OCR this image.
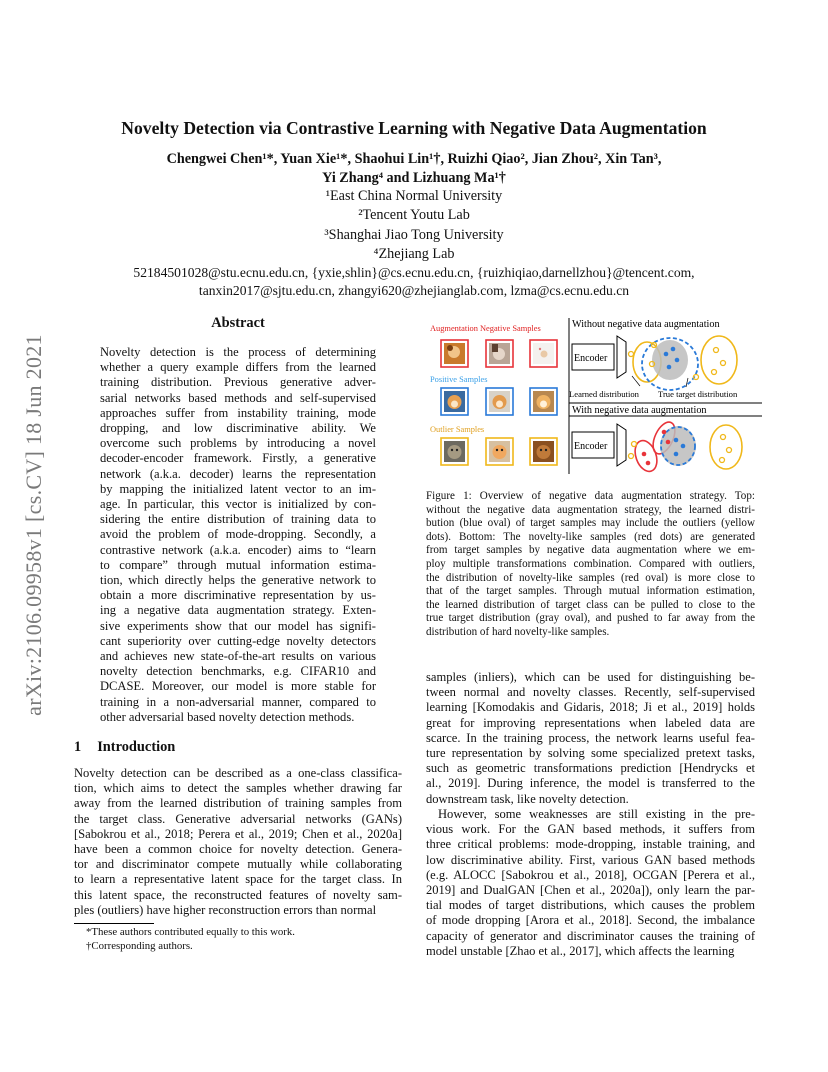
arXiv:2106.09958v1 [cs.CV] 18 Jun 2021
Novelty Detection via Contrastive Learning with Negative Data Augmentation
Chengwei Chen¹*, Yuan Xie¹*, Shaohui Lin¹†, Ruizhi Qiao², Jian Zhou², Xin Tan³,
Yi Zhang⁴ and Lizhuang Ma¹†
¹East China Normal University
²Tencent Youtu Lab
³Shanghai Jiao Tong University
⁴Zhejiang Lab
52184501028@stu.ecnu.edu.cn, {yxie,shlin}@cs.ecnu.edu.cn, {ruizhiqiao,darnellzhou}@tencent.com,
tanxin2017@sjtu.edu.cn, zhangyi620@zhejianglab.com, lzma@cs.ecnu.edu.cn
Abstract
Novelty detection is the process of determining
whether a query example differs from the learned
training distribution. Previous generative adver-
sarial networks based methods and self-supervised
approaches suffer from instability training, mode
dropping, and low discriminative ability. We
overcome such problems by introducing a novel
decoder-encoder framework. Firstly, a generative
network (a.k.a. decoder) learns the representation
by mapping the initialized latent vector to an im-
age. In particular, this vector is initialized by con-
sidering the entire distribution of training data to
avoid the problem of mode-dropping. Secondly, a
contrastive network (a.k.a. encoder) aims to “learn
to compare” through mutual information estima-
tion, which directly helps the generative network to
obtain a more discriminative representation by us-
ing a negative data augmentation strategy. Exten-
sive experiments show that our model has signifi-
cant superiority over cutting-edge novelty detectors
and achieves new state-of-the-art results on various
novelty detection benchmarks, e.g. CIFAR10 and
DCASE. Moreover, our model is more stable for
training in a non-adversarial manner, compared to
other adversarial based novelty detection methods.
1 Introduction
Novelty detection can be described as a one-class classifica-
tion, which aims to detect the samples whether drawing far
away from the learned distribution of training samples from
the target class. Generative adversarial networks (GANs)
[Sabokrou et al., 2018; Perera et al., 2019; Chen et al., 2020a]
have been a common choice for novelty detection. Genera-
tor and discriminator compete mutually while collaborating
to learn a representative latent space for the target class. In
this latent space, the reconstructed features of novelty sam-
ples (outliers) have higher reconstruction errors than normal
*These authors contributed equally to this work.
†Corresponding authors.
Augmentation Negative Samples
Positive Samples
Outlier Samples
Without negative data augmentation
With negative data augmentation
Encoder
Encoder
Learned distribution True target distribution
Figure 1: Overview of negative data augmentation strategy. Top:
without the negative data augmentation strategy, the learned distri-
bution (blue oval) of target samples may include the outliers (yellow
dots). Bottom: The novelty-like samples (red dots) are generated
from target samples by negative data augmentation where we em-
ploy multiple transformations combination. Compared with outliers,
the distribution of novelty-like samples (red oval) is more close to
that of the target samples. Through mutual information estimation,
the learned distribution of target class can be pulled to close to the
true target distribution (gray oval), and pushed to far away from the
distribution of hard novelty-like samples.
samples (inliers), which can be used for distinguishing be-
tween normal and novelty classes. Recently, self-supervised
learning [Komodakis and Gidaris, 2018; Ji et al., 2019] holds
great for improving representations when labeled data are
scarce. In the training process, the network learns useful fea-
ture representation by solving some specialized pretext tasks,
such as geometric transformations prediction [Hendrycks et
al., 2019]. During inference, the model is transferred to the
downstream task, like novelty detection.
However, some weaknesses are still existing in the pre-
vious work. For the GAN based methods, it suffers from
three critical problems: mode-dropping, instable training, and
low discriminative ability. First, various GAN based methods
(e.g. ALOCC [Sabokrou et al., 2018], OCGAN [Perera et al.,
2019] and DualGAN [Chen et al., 2020a]), only learn the par-
tial modes of target distributions, which causes the problem
of mode dropping [Arora et al., 2018]. Second, the imbalance
capacity of generator and discriminator causes the training of
model unstable [Zhao et al., 2017], which affects the learning
